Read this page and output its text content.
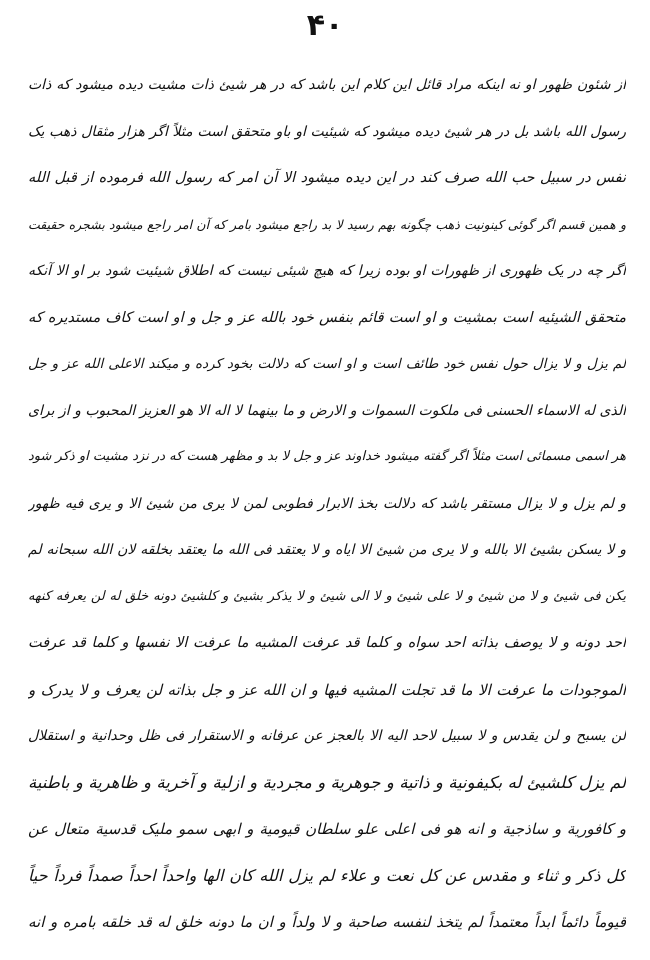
۴۰
از شئون ظهور او نه اینکه مراد قائل این کلام این باشد که در هر شیئ ذات مشیت دیده میشود که ذات
رسول الله باشد بل در هر شیئ دیده میشود که شیئیت او باو متحقق است مثلاً اگر هزار مثقال ذهب یک
نفس در سبیل حب الله صرف کند در این دیده میشود الا آن امر که رسول الله فرموده از قبل الله
و همین قسم اگر گوئی کینونیت ذهب چگونه بهم رسید لا بد راجع میشود بامر که آن امر راجع میشود بشجره حقیقت
اگر چه در یک ظهوری از ظهورات او بوده زیرا که هیچ شیئی نیست که اطلاق شیئیت شود بر او الا آنکه
متحقق الشیئیه است بمشیت و او است قائم بنفس خود بالله عز و جل و او است کاف مستدیره که
لم یزل و لا یزال حول نفس خود طائف است و او است که دلالت بخود کرده و میکند الاعلی الله عز و جل
الذی له الاسماء الحسنی فی ملکوت السموات و الارض و ما بینهما لا اله الا هو العزیز المحبوب و از برای
هر اسمی مسمائی است مثلاً اگر گفته میشود خداوند عز و جل لا بد و مظهر هست که در نزد مشیت او ذکر شود
و لم یزل و لا یزال مستقر باشد که دلالت بخذ الابرار فطوبی لمن لا یری من شیئ الا و یری فیه ظهور
و لا یسکن بشیئ الا بالله و لا یری من شیئ الا ایاه و لا یعتقد فی الله ما یعتقد بخلقه لان الله سبحانه لم
یکن فی شیئ و لا من شیئ و لا علی شیئ و لا الی شیئ و لا یذکر بشیئ و کلشیئ دونه خلق له لن یعرفه کنهه
احد دونه و لا یوصف بذاته احد سواه و کلما قد عرفت المشیه ما عرفت الا نفسها و کلما قد عرفت
الموجودات ما عرفت الا ما قد تجلت المشیه فیها و ان الله عز و جل بذاته لن یعرف و لا یدرک و
لن یسبح و لن یقدس و لا سبیل لاحد الیه الا بالعجز عن عرفانه و الاستقرار فی ظل وحدانیة و استقلال
لم یزل کلشیئ له بکیفونیة و ذاتیة و جوهریة و مجردیة و ازلیة و آخریة و ظاهریة و باطنیة
و کافوریة و ساذجیة و انه هو فی اعلی علو سلطان قیومیة و ابهی سمو ملیک قدسیة متعال عن
کل ذکر و ثناء و مقدس عن کل نعت و علاء لم یزل الله کان الها واحداً احداً صمداً فرداً حیاً
قیوماً دائماً ابداً معتمداً لم یتخذ لنفسه صاحبة و لا ولداً و ان ما دونه خلق له قد خلقه بامره و انه
